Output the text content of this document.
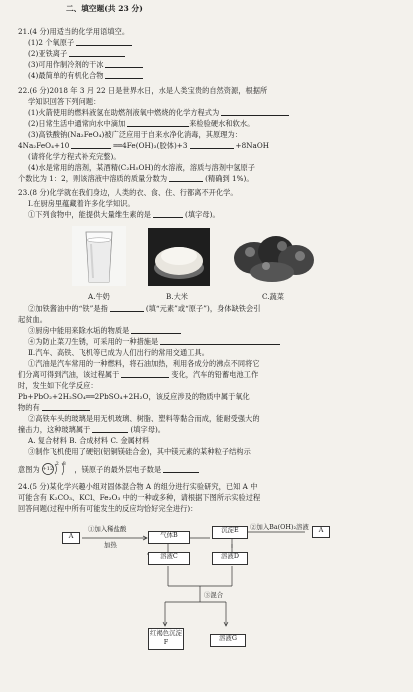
二、填空题(共 23 分)
21.(4 分)用适当的化学用语填空。
(1)2 个氧原子
(2)亚铁离子
(3)可用作制冷剂的干冰
(4)最简单的有机化合物
22.(6 分)2018 年 3 月 22 日是世界水日，水是人类宝贵的自然资源，根据所
学知识回答下列问题：
(1)火箭使用的燃料液氢在助燃剂液氧中燃烧的化学方程式为
(2)日常生活中通常向水中滴加	来检验硬水和软水。
(3)高铁酸钠(Na₂FeO₄)被广泛应用于自来水净化消毒，其原理为：
4Na₂FeO₄+10	══4Fe(OH)₃(胶体)+3	+8NaOH
(请将化学方程式补充完整)。
(4)水是常用的溶剂，某酒精(C₂H₅OH)的水溶液，溶质与溶剂中氢原子
个数比为 1：2，则该溶液中溶质的质量分数为	(精确到 1%)。
23.(8 分)化学就在我们身边，人类的衣、食、住、行都离不开化学。
Ⅰ.在厨房里蕴藏着许多化学知识。
①下列食物中，能提供大量维生素的是	(填字母)。
A.牛奶	B.大米	C.蔬菜
②加铁酱油中的“铁”是指	(填“元素”或“原子”)，身体缺铁会引
起贫血。
③厨房中能用来除水垢的物质是
④为防止菜刀生锈，可采用的一种措施是
Ⅱ.汽车、高铁、飞机等已成为人们出行的常用交通工具。
①汽油是汽车常用的一种燃料，将石油加热，利用各成分的沸点不同将它
们分离可得到汽油，该过程属于	变化，汽车的铅蓄电池工作
时，发生如下化学反应：
Pb+PbO₂+2H₂SO₄══2PbSO₄+2H₂O，该反应涉及的物质中属于氧化
物的有
②高铁车头的玻璃是用无机玻璃、树脂、塑料等黏合而成，能耐受强大的
撞击力，这种玻璃属于	(填字母)。
A. 复合材料 B. 合成材料 C. 金属材料
③制作飞机使用了硬铝(铝铜镁硅合金)，其中镁元素的某种粒子结构示
意图为 +12
2 8
，镁原子的最外层电子数是
24.(5 分)某化学兴趣小组对固体混合物 A 的组分进行实验研究，已知 A 中
可能含有 K₂CO₃、KCl、Fe₂O₃ 中的一种或多种，请根据下图所示实验过程
回答问题(过程中所有可能发生的反应均恰好完全进行)：
A
①加入稀盐酸
加热
气体B
溶液C
沉淀E
溶液D
②加入Ba(OH)₂溶液	A
③混合
红褐色沉淀F	溶液G
